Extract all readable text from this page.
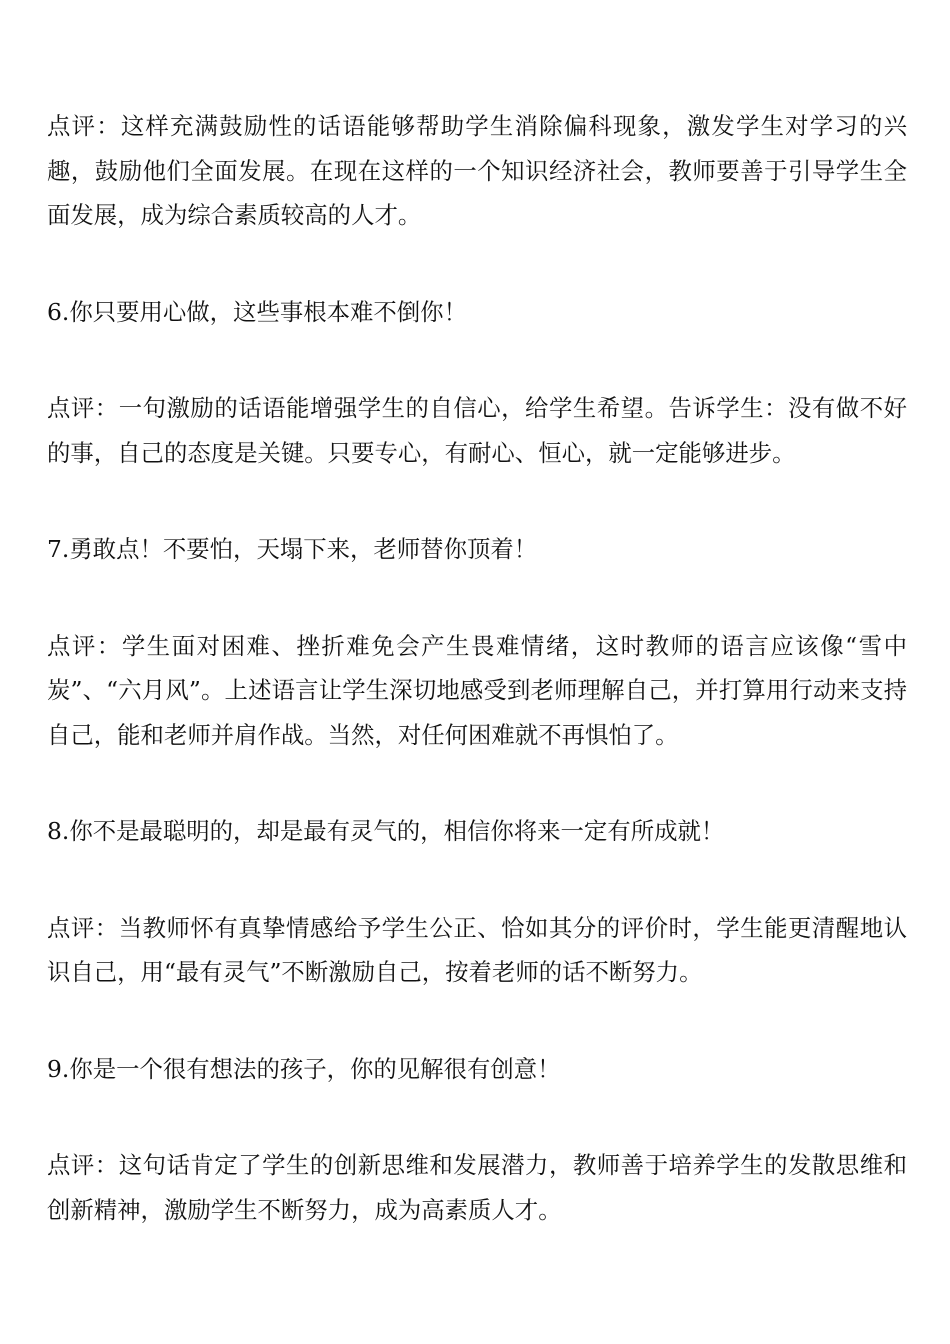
点评：这样充满鼓励性的话语能够帮助学生消除偏科现象，激发学生对学习的兴趣，鼓励他们全面发展。在现在这样的一个知识经济社会，教师要善于引导学生全面发展，成为综合素质较高的人才。

6.你只要用心做，这些事根本难不倒你！

点评：一句激励的话语能增强学生的自信心，给学生希望。告诉学生：没有做不好的事，自己的态度是关键。只要专心，有耐心、恒心，就一定能够进步。

7.勇敢点！不要怕，天塌下来，老师替你顶着！

点评：学生面对困难、挫折难免会产生畏难情绪，这时教师的语言应该像“雪中炭”、“六月风”。上述语言让学生深切地感受到老师理解自己，并打算用行动来支持自己，能和老师并肩作战。当然，对任何困难就不再惧怕了。

8.你不是最聪明的，却是最有灵气的，相信你将来一定有所成就！

点评：当教师怀有真挚情感给予学生公正、恰如其分的评价时，学生能更清醒地认识自己，用“最有灵气”不断激励自己，按着老师的话不断努力。

9.你是一个很有想法的孩子，你的见解很有创意！

点评：这句话肯定了学生的创新思维和发展潜力，教师善于培养学生的发散思维和创新精神，激励学生不断努力，成为高素质人才。
